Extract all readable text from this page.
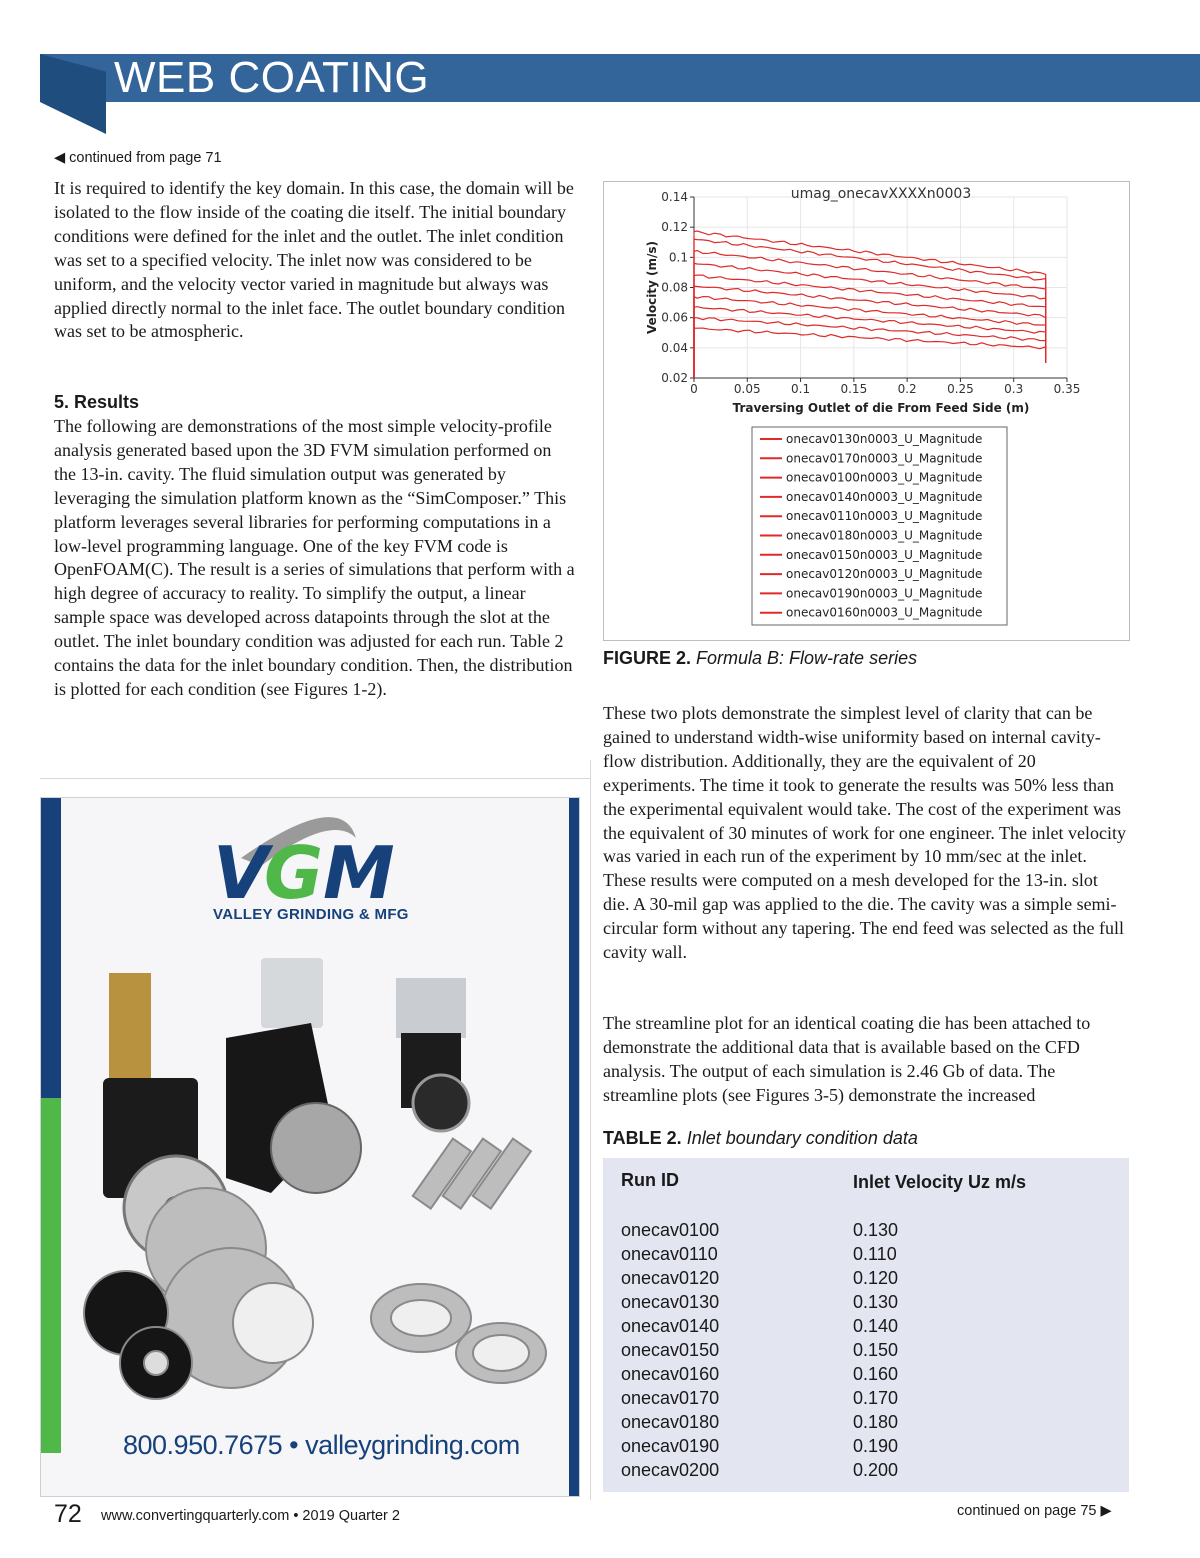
WEB COATING
◀ continued from page 71

It is required to identify the key domain. In this case, the domain will be isolated to the flow inside of the coating die itself. The initial boundary conditions were defined for the inlet and the outlet. The inlet condition was set to a specified velocity. The inlet now was considered to be uniform, and the velocity vector varied in magnitude but always was applied directly normal to the inlet face. The outlet boundary condition was set to be atmospheric.

5. Results

The following are demonstrations of the most simple velocity-profile analysis generated based upon the 3D FVM simulation performed on the 13-in. cavity. The fluid simulation output was generated by leveraging the simulation platform known as the “SimComposer.” This platform leverages several libraries for performing computations in a low-level programming language. One of the key FVM code is OpenFOAM(C). The result is a series of simulations that perform with a high degree of accuracy to reality. To simplify the output, a linear sample space was developed across datapoints through the slot at the outlet. The inlet boundary condition was adjusted for each run. Table 2 contains the data for the inlet boundary condition. Then, the distribution is plotted for each condition (see Figures 1-2).

0	0.05	0.1	0.15	0.2	0.25	0.3	0.35
0.02
0.04
0.06
0.08
0.1
0.12
0.14	umag_onecavXXXXn0003
Traversing Outlet of die From Feed Side (m)
Velocity (m/s)
onecav0130n0003_U_Magnitude
onecav0170n0003_U_Magnitude
onecav0100n0003_U_Magnitude
onecav0140n0003_U_Magnitude
onecav0110n0003_U_Magnitude
onecav0180n0003_U_Magnitude
onecav0150n0003_U_Magnitude
onecav0120n0003_U_Magnitude
onecav0190n0003_U_Magnitude
onecav0160n0003_U_Magnitude
FIGURE 2. Formula B: Flow-rate series

These two plots demonstrate the simplest level of clarity that can be gained to understand width-wise uniformity based on internal cavity-flow distribution. Additionally, they are the equivalent of 20 experiments. The time it took to generate the results was 50% less than the experimental equivalent would take. The cost of the experiment was the equivalent of 30 minutes of work for one engineer. The inlet velocity was varied in each run of the experiment by 10 mm/sec at the inlet. These results were computed on a mesh developed for the 13-in. slot die. A 30-mil gap was applied to the die. The cavity was a simple semi-circular form without any tapering. The end feed was selected as the full cavity wall.

The streamline plot for an identical coating die has been attached to demonstrate the additional data that is available based on the CFD analysis. The output of each simulation is 2.46 Gb of data. The streamline plots (see Figures 3-5) demonstrate the increased

TABLE 2. Inlet boundary condition data
Run ID	Inlet Velocity Uz m/s
onecav0100	0.130
onecav0110	0.110
onecav0120	0.120
onecav0130	0.130
onecav0140	0.140
onecav0150	0.150
onecav0160	0.160
onecav0170	0.170
onecav0180	0.180
onecav0190	0.190
onecav0200	0.200
V G M
VALLEY GRINDING & MFG
800.950.7675 • valleygrinding.com
72 www.convertingquarterly.com • 2019 Quarter 2	continued on page 75 ▶
